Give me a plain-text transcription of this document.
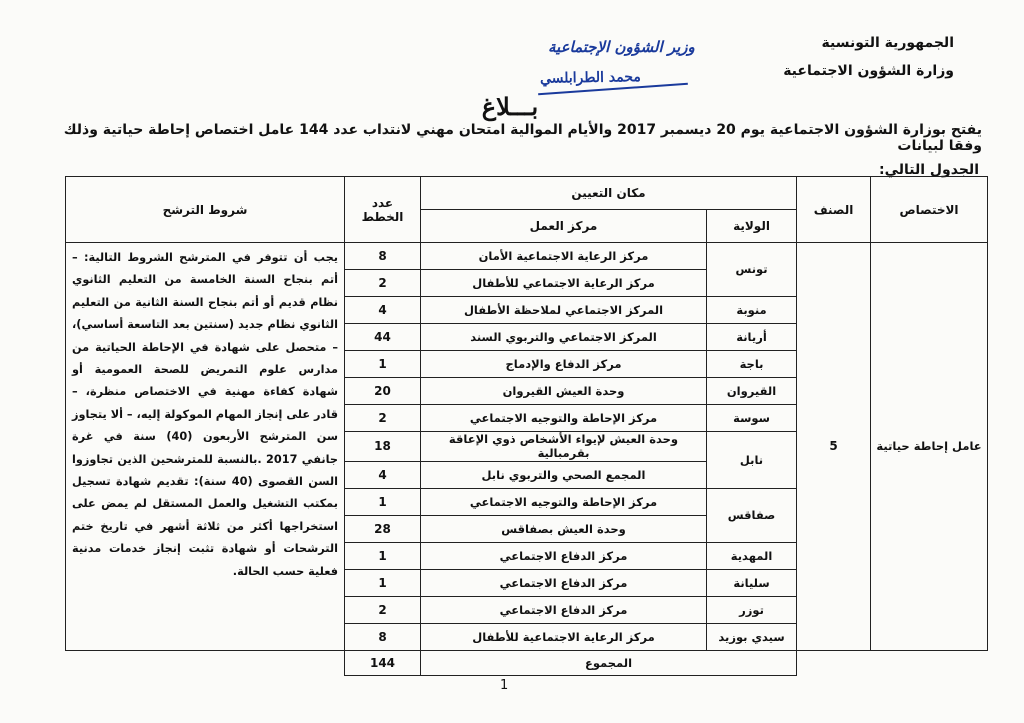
الجمهورية التونسية
وزارة الشؤون الاجتماعية
وزير الشؤون الإجتماعية
محمد الطرابلسي
بـــلاغ
يفتح بوزارة الشؤون الاجتماعية يوم 20 ديسمبر 2017 والأيام الموالية امتحان مهني لانتداب عدد 144 عامل اختصاص إحاطة حياتية وذلك وفقا لبيانات
الجدول التالي:
الاختصاص	الصنف	مكان التعيين		عدد الخطط	شروط الترشح
		الولاية	مركز العمل		
عامل إحاطة حياتية	5	تونس	مركز الرعاية الاجتماعية الأمان	8	يجب أن تتوفر في المترشح الشروط التالية: – أتم بنجاح السنة الخامسة من التعليم الثانوي نظام قديم أو أتم بنجاح السنة الثانية من التعليم الثانوي نظام جديد (سنتين بعد التاسعة أساسي)، – متحصل على شهادة في الإحاطة الحياتية من مدارس علوم التمريض للصحة العمومية أو شهادة كفاءة مهنية في الاختصاص منظرة، – قادر على إنجاز المهام الموكولة إليه، – ألا يتجاوز سن المترشح الأربعون (40) سنة في غرة جانفي 2017 .بالنسبة للمترشحين الذين تجاوزوا السن القصوى (40 سنة): تقديم شهادة تسجيل بمكتب التشغيل والعمل المستقل لم يمض على استخراجها أكثر من ثلاثة أشهر في تاريخ ختم الترشحات أو شهادة تثبت إنجاز خدمات مدنية فعلية حسب الحالة.
			مركز الرعاية الاجتماعي للأطفال	2	
		منوبة	المركز الاجتماعي لملاحظة الأطفال	4	
		أريانة	المركز الاجتماعي والتربوي السند	44	
		باجة	مركز الدفاع والإدماج	1	
		القيروان	وحدة العيش القيروان	20	
		سوسة	مركز الإحاطة والتوجيه الاجتماعي	2	
		نابل	وحدة العيش لإيواء الأشخاص ذوي الإعاقة بقرمبالية	18	
			المجمع الصحي والتربوي نابل	4	
		صفاقس	مركز الإحاطة والتوجيه الاجتماعي	1	
			وحدة العيش بصفاقس	28	
		المهدية	مركز الدفاع الاجتماعي	1	
		سليانة	مركز الدفاع الاجتماعي	1	
		توزر	مركز الدفاع الاجتماعي	2	
		سيدي بوزيد	مركز الرعاية الاجتماعية للأطفال	8	
		المجموع		144	
1
